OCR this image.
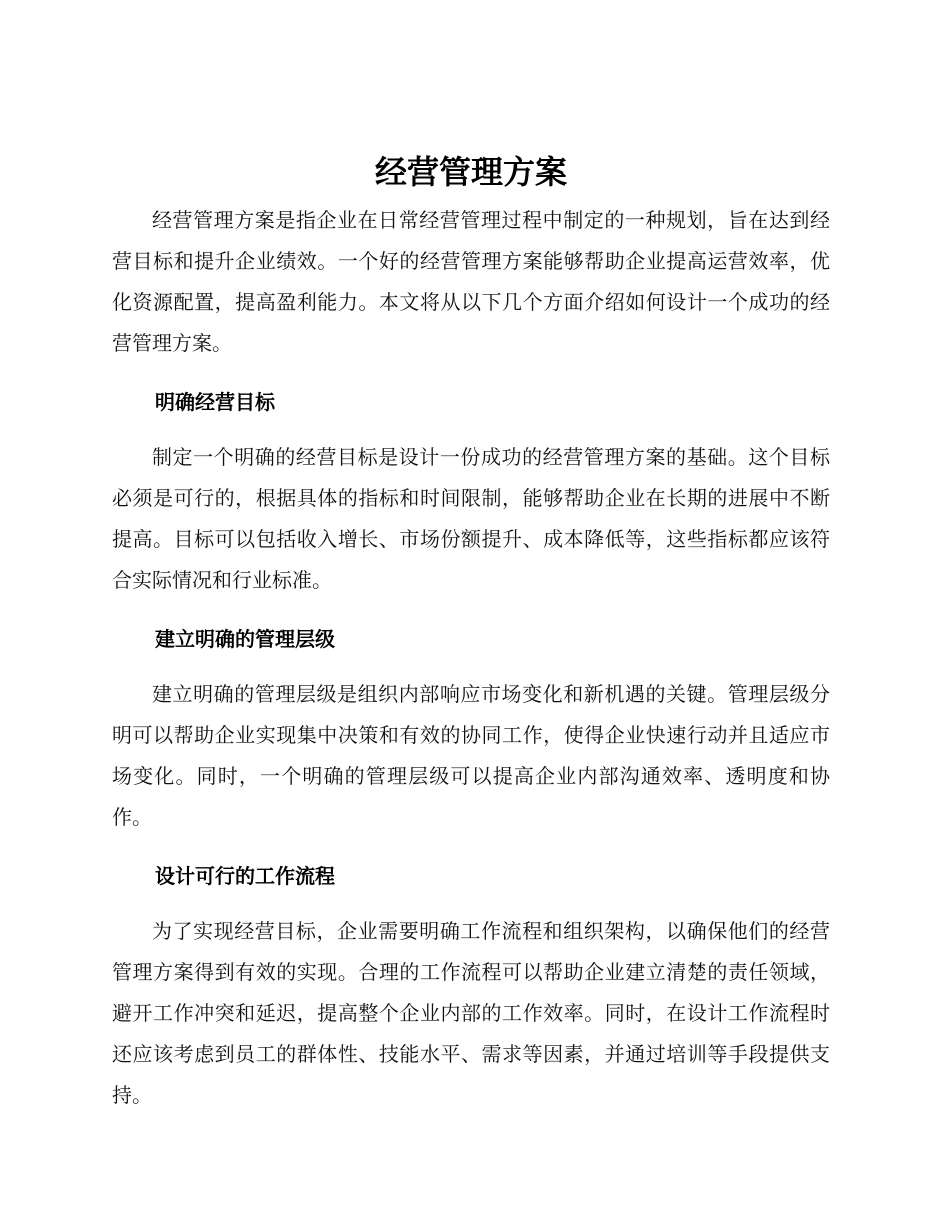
经营管理方案

经营管理方案是指企业在日常经营管理过程中制定的一种规划，旨在达到经营目标和提升企业绩效。一个好的经营管理方案能够帮助企业提高运营效率，优化资源配置，提高盈利能力。本文将从以下几个方面介绍如何设计一个成功的经营管理方案。

明确经营目标

制定一个明确的经营目标是设计一份成功的经营管理方案的基础。这个目标必须是可行的，根据具体的指标和时间限制，能够帮助企业在长期的进展中不断提高。目标可以包括收入增长、市场份额提升、成本降低等，这些指标都应该符合实际情况和行业标准。

建立明确的管理层级

建立明确的管理层级是组织内部响应市场变化和新机遇的关键。管理层级分明可以帮助企业实现集中决策和有效的协同工作，使得企业快速行动并且适应市场变化。同时，一个明确的管理层级可以提高企业内部沟通效率、透明度和协作。

设计可行的工作流程

为了实现经营目标，企业需要明确工作流程和组织架构，以确保他们的经营管理方案得到有效的实现。合理的工作流程可以帮助企业建立清楚的责任领域，避开工作冲突和延迟，提高整个企业内部的工作效率。同时，在设计工作流程时还应该考虑到员工的群体性、技能水平、需求等因素，并通过培训等手段提供支持。
